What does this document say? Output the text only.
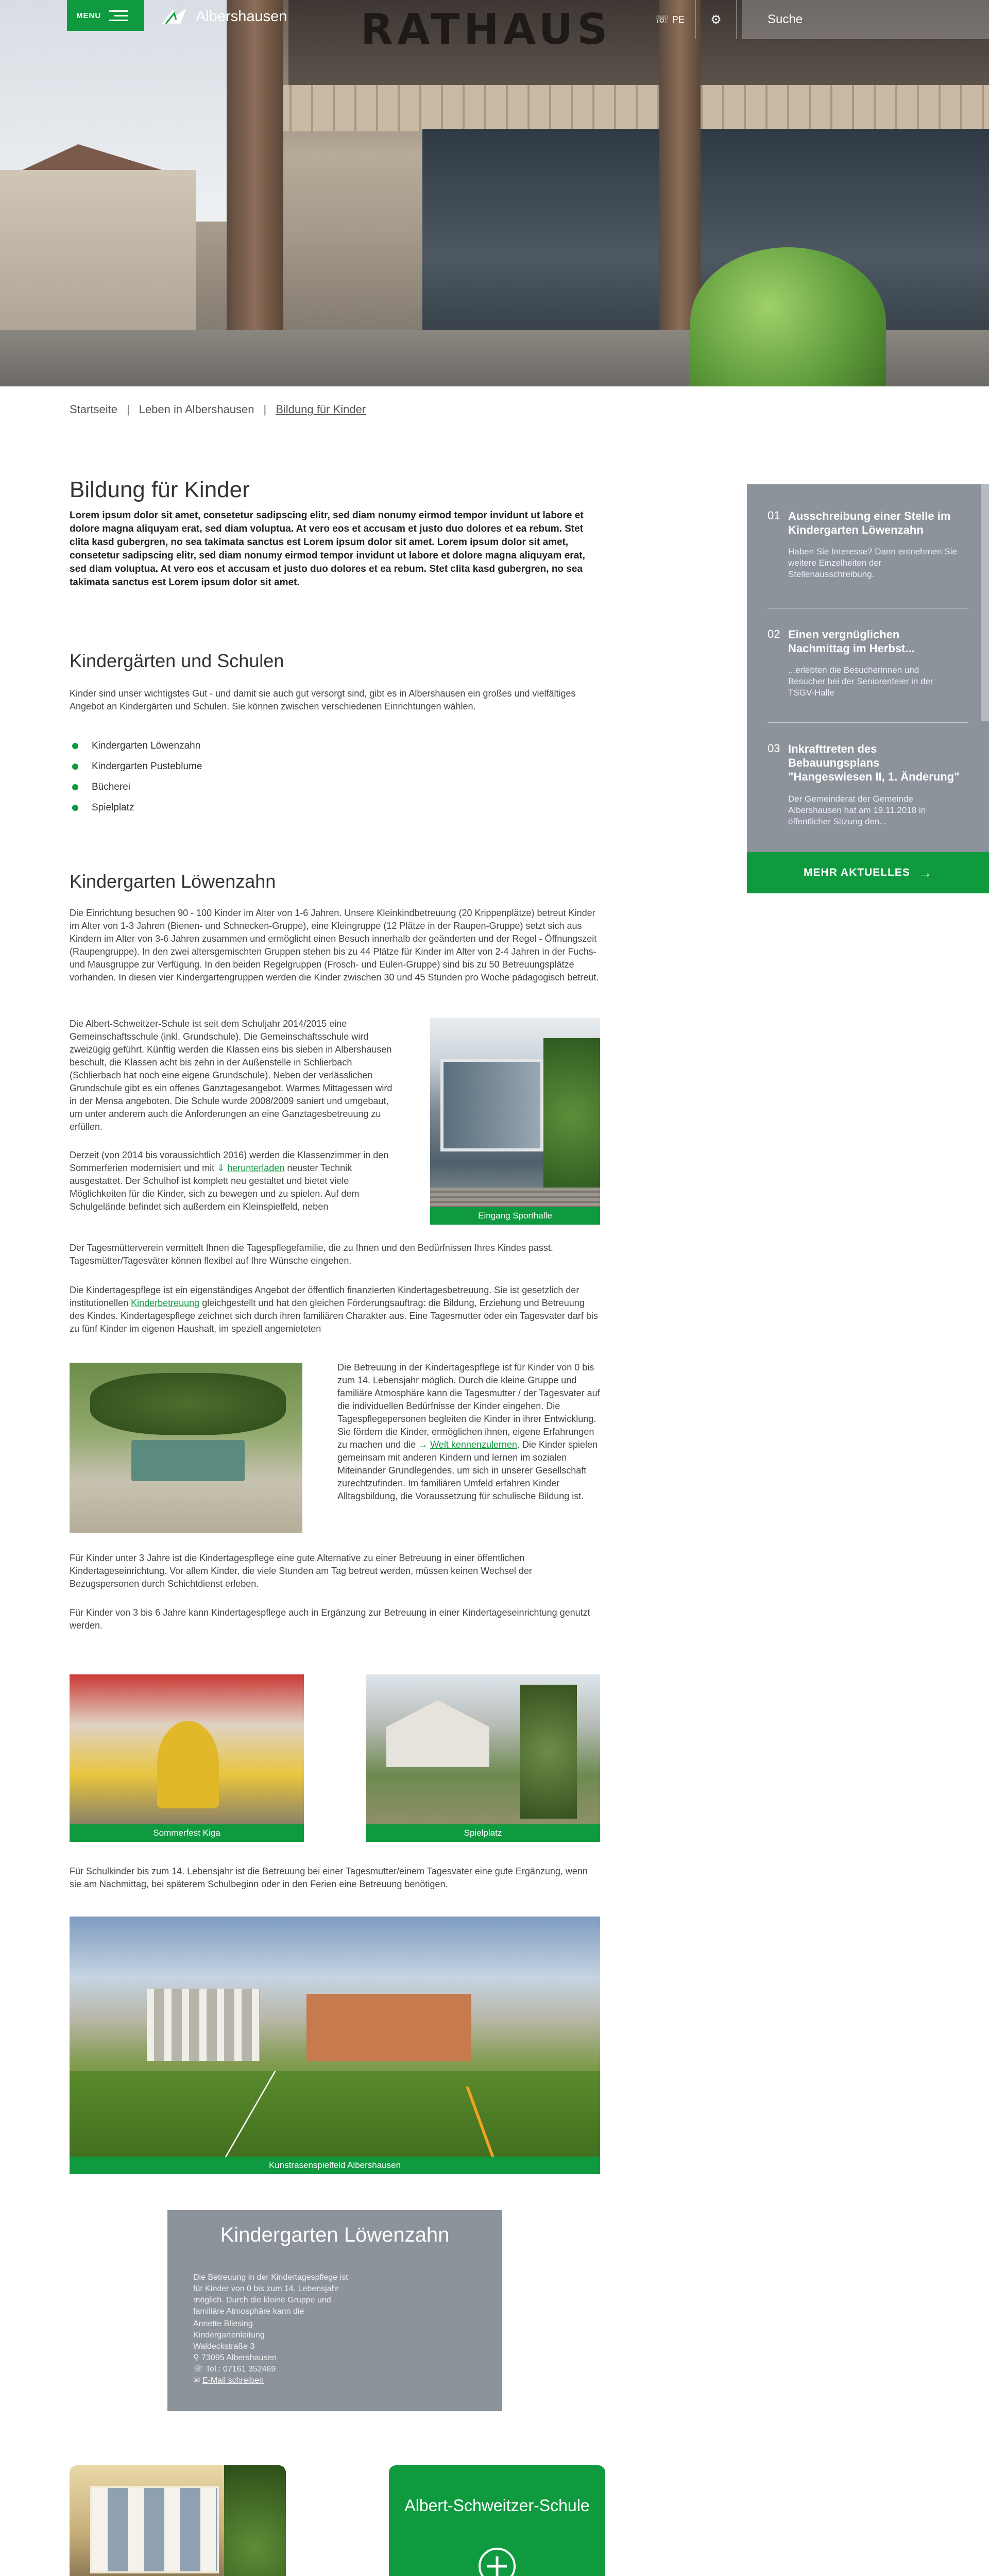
RATHAUS
MENU	Albershausen	☏ PE ⚙	Suche
Startseite | Leben in Albershausen | Bildung für Kinder
Bildung für Kinder

Lorem ipsum dolor sit amet, consetetur sadipscing elitr, sed diam nonumy eirmod tempor invidunt ut labore et dolore magna aliquyam erat, sed diam voluptua. At vero eos et accusam et justo duo dolores et ea rebum. Stet clita kasd gubergren, no sea takimata sanctus est Lorem ipsum dolor sit amet. Lorem ipsum dolor sit amet, consetetur sadipscing elitr, sed diam nonumy eirmod tempor invidunt ut labore et dolore magna aliquyam erat, sed diam voluptua. At vero eos et accusam et justo duo dolores et ea rebum. Stet clita kasd gubergren, no sea takimata sanctus est Lorem ipsum dolor sit amet.

Kindergärten und Schulen

Kinder sind unser wichtigstes Gut - und damit sie auch gut versorgt sind, gibt es in Albershausen ein großes und vielfältiges Angebot an Kindergärten und Schulen. Sie können zwischen verschiedenen Einrichtungen wählen.

Kindergarten Löwenzahn
Kindergarten Pusteblume
Bücherei
Spielplatz
Kindergarten Löwenzahn

Die Einrichtung besuchen 90 - 100 Kinder im Alter von 1-6 Jahren. Unsere Kleinkindbetreuung (20 Krippenplätze) betreut Kinder im Alter von 1-3 Jahren (Bienen- und Schnecken-Gruppe), eine Kleingruppe (12 Plätze in der Raupen-Gruppe) setzt sich aus Kindern im Alter von 3-6 Jahren zusammen und ermöglicht einen Besuch innerhalb der geänderten und der Regel - Öffnungszeit (Raupengruppe). In den zwei altersgemischten Gruppen stehen bis zu 44 Plätze für Kinder im Alter von 2-4 Jahren in der Fuchs- und Mausgruppe zur Verfügung. In den beiden Regelgruppen (Frosch- und Eulen-Gruppe) sind bis zu 50 Betreuungsplätze vorhanden. In diesen vier Kindergartengruppen werden die Kinder zwischen 30 und 45 Stunden pro Woche pädagogisch betreut.

Die Albert-Schweitzer-Schule ist seit dem Schuljahr 2014/2015 eine Gemeinschaftsschule (inkl. Grundschule). Die Gemeinschaftsschule wird zweizügig geführt. Künftig werden die Klassen eins bis sieben in Albershausen beschult, die Klassen acht bis zehn in der Außenstelle in Schlierbach (Schlierbach hat noch eine eigene Grundschule). Neben der verlässlichen Grundschule gibt es ein offenes Ganztagesangebot. Warmes Mittagessen wird in der Mensa angeboten. Die Schule wurde 2008/2009 saniert und umgebaut, um unter anderem auch die Anforderungen an eine Ganztagesbetreuung zu erfüllen.

Derzeit (von 2014 bis voraussichtlich 2016) werden die Klassenzimmer in den Sommerferien modernisiert und mit ⇓ herunterladen neuster Technik ausgestattet. Der Schulhof ist komplett neu gestaltet und bietet viele Möglichkeiten für die Kinder, sich zu bewegen und zu spielen. Auf dem Schulgelände befindet sich außerdem ein Kleinspielfeld, neben

Eingang Sporthalle

Der Tagesmütterverein vermittelt Ihnen die Tagespflegefamilie, die zu Ihnen und den Bedürfnissen Ihres Kindes passt. Tagesmütter/Tagesväter können flexibel auf Ihre Wünsche eingehen.

Die Kindertagespflege ist ein eigenständiges Angebot der öffentlich finanzierten Kindertagesbetreuung. Sie ist gesetzlich der institutionellen Kinderbetreuung gleichgestellt und hat den gleichen Förderungsauftrag: die Bildung, Erziehung und Betreuung des Kindes. Kindertagespflege zeichnet sich durch ihren familiären Charakter aus. Eine Tagesmutter oder ein Tagesvater darf bis zu fünf Kinder im eigenen Haushalt, im speziell angemieteten

Die Betreuung in der Kindertagespflege ist für Kinder von 0 bis zum 14. Lebensjahr möglich. Durch die kleine Gruppe und familiäre Atmosphäre kann die Tagesmutter / der Tagesvater auf die individuellen Bedürfnisse der Kinder eingehen. Die Tagespflegepersonen begleiten die Kinder in ihrer Entwicklung. Sie fördern die Kinder, ermöglichen ihnen, eigene Erfahrungen zu machen und die → Welt kennenzulernen. Die Kinder spielen gemeinsam mit anderen Kindern und lernen im sozialen Miteinander Grundlegendes, um sich in unserer Gesellschaft zurechtzufinden. Im familiären Umfeld erfahren Kinder Alltagsbildung, die Voraussetzung für schulische Bildung ist.

Für Kinder unter 3 Jahre ist die Kindertagespflege eine gute Alternative zu einer Betreuung in einer öffentlichen Kindertageseinrichtung. Vor allem Kinder, die viele Stunden am Tag betreut werden, müssen keinen Wechsel der Bezugspersonen durch Schichtdienst erleben.

Für Kinder von 3 bis 6 Jahre kann Kindertagespflege auch in Ergänzung zur Betreuung in einer Kindertageseinrichtung genutzt werden.

Sommerfest Kiga	Spielplatz

Für Schulkinder bis zum 14. Lebensjahr ist die Betreuung bei einer Tagesmutter/einem Tagesvater eine gute Ergänzung, wenn sie am Nachmittag, bei späterem Schulbeginn oder in den Ferien eine Betreuung benötigen.

Kunstrasenspielfeld Albershausen
Kindergarten Löwenzahn
Die Betreuung in der Kindertagespflege ist für Kinder von 0 bis zum 14. Lebensjahr möglich. Durch die kleine Gruppe und familiäre Atmosphäre kann die
Annette Bliesing
Kindergartenleitung
Waldeckstraße 3
⚲ 73095 Albershausen
☏ Tel.: 07161 352469
✉ E-Mail schreiben
01 Ausschreibung einer Stelle im Kindergarten Löwenzahn
Haben Sie Interesse? Dann entnehmen Sie weitere Einzelheiten der Stellenausschreibung.
02 Einen vergnüglichen Nachmittag im Herbst...
...erlebten die Besucherinnen und Besucher bei der Seniorenfeier in der TSGV-Halle
03 Inkrafttreten des Bebauungsplans "Hangeswiesen II, 1. Änderung"
Der Gemeinderat der Gemeinde Albershausen hat am 19.11.2018 in öffentlicher Sitzung den...
MEHR AKTUELLES →
Albert-Schweitzer-Schule
